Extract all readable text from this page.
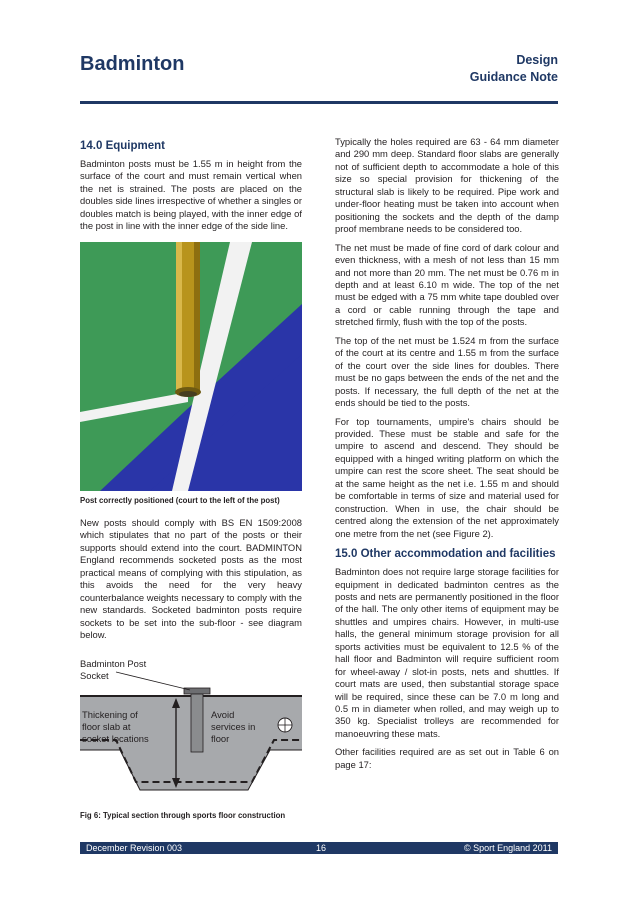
Badminton	Design
Guidance Note
14.0 Equipment
Badminton posts must be 1.55 m in height from the surface of the court and must remain vertical when the net is strained. The posts are placed on the doubles side lines irrespective of whether a singles or doubles match is being played, with the inner edge of the post in line with the inner edge of the side line.
Post correctly positioned (court to the left of the post)
New posts should comply with BS EN 1509:2008 which stipulates that no part of the posts or their supports should extend into the court. BADMINTON England recommends socketed posts as the most practical means of complying with this stipulation, as this avoids the need for the very heavy counterbalance weights necessary to comply with the new standards. Socketed badminton posts require sockets to be set into the sub-floor - see diagram below.
Badminton Post
Socket
Thickening of
floor slab at
socket locations
Avoid
services in
floor
Fig 6: Typical section through sports floor construction
Typically the holes required are 63 - 64 mm diameter and 290 mm deep. Standard floor slabs are generally not of sufficient depth to accommodate a hole of this size so special provision for thickening of the structural slab is likely to be required. Pipe work and under-floor heating must be taken into account when positioning the sockets and the depth of the damp proof membrane needs to be considered too.
The net must be made of fine cord of dark colour and even thickness, with a mesh of not less than 15 mm and not more than 20 mm. The net must be 0.76 m in depth and at least 6.10 m wide. The top of the net must be edged with a 75 mm white tape doubled over a cord or cable running through the tape and stretched firmly, flush with the top of the posts.
The top of the net must be 1.524 m from the surface of the court at its centre and 1.55 m from the surface of the court over the side lines for doubles. There must be no gaps between the ends of the net and the posts. If necessary, the full depth of the net at the ends should be tied to the posts.
For top tournaments, umpire's chairs should be provided. These must be stable and safe for the umpire to ascend and descend. They should be equipped with a hinged writing platform on which the umpire can rest the score sheet. The seat should be at the same height as the net i.e. 1.55 m and should be comfortable in terms of size and material used for construction. When in use, the chair should be centred along the extension of the net approximately one metre from the net (see Figure 2).
15.0 Other accommodation and facilities
Badminton does not require large storage facilities for equipment in dedicated badminton centres as the posts and nets are permanently positioned in the floor of the hall. The only other items of equipment may be shuttles and umpires chairs. However, in multi-use halls, the general minimum storage provision for all sports activities must be equivalent to 12.5 % of the hall floor and Badminton will require sufficient room for wheel-away / slot-in posts, nets and shuttles. If court mats are used, then substantial storage space will be required, since these can be 7.0 m long and 0.5 m in diameter when rolled, and may weigh up to 350 kg. Specialist trolleys are recommended for manoeuvring these mats.
Other facilities required are as set out in Table 6 on page 17:
December Revision 003	16	© Sport England 2011
